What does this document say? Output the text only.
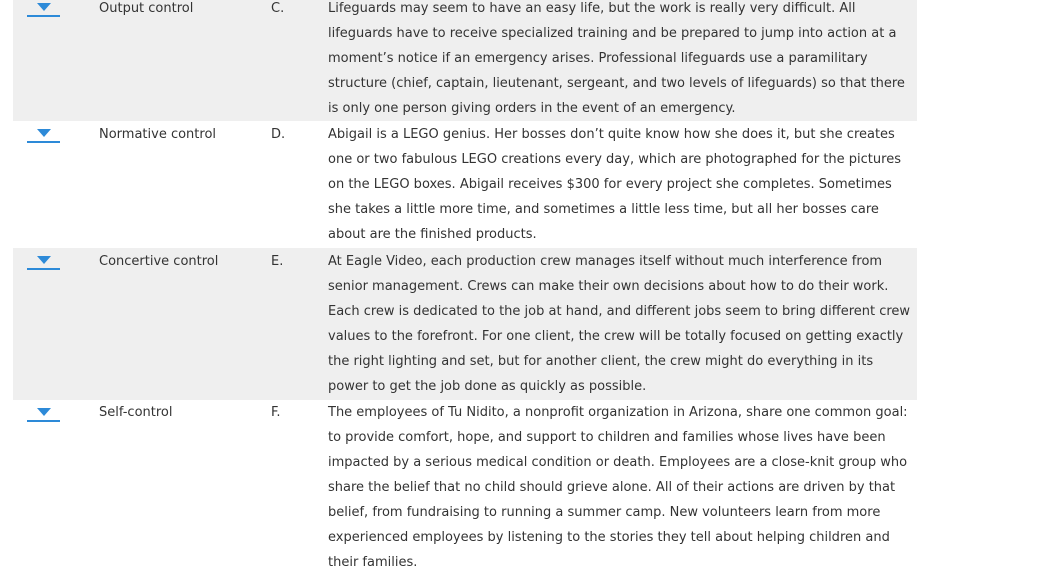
Output control	C.	Lifeguards may seem to have an easy life, but the work is really very difficult. All lifeguards have to receive specialized training and be prepared to jump into action at a moment’s notice if an emergency arises. Professional lifeguards use a paramilitary structure (chief, captain, lieutenant, sergeant, and two levels of lifeguards) so that there is only one person giving orders in the event of an emergency.

Normative control	D.	Abigail is a LEGO genius. Her bosses don’t quite know how she does it, but she creates one or two fabulous LEGO creations every day, which are photographed for the pictures on the LEGO boxes. Abigail receives $300 for every project she completes. Sometimes she takes a little more time, and sometimes a little less time, but all her bosses care about are the finished products.

Concertive control	E.	At Eagle Video, each production crew manages itself without much interference from senior management. Crews can make their own decisions about how to do their work. Each crew is dedicated to the job at hand, and different jobs seem to bring different crew values to the forefront. For one client, the crew will be totally focused on getting exactly the right lighting and set, but for another client, the crew might do everything in its power to get the job done as quickly as possible.

Self-control	F.	The employees of Tu Nidito, a nonprofit organization in Arizona, share one common goal: to provide comfort, hope, and support to children and families whose lives have been impacted by a serious medical condition or death. Employees are a close-knit group who share the belief that no child should grieve alone. All of their actions are driven by that belief, from fundraising to running a summer camp. New volunteers learn from more experienced employees by listening to the stories they tell about helping children and their families.
